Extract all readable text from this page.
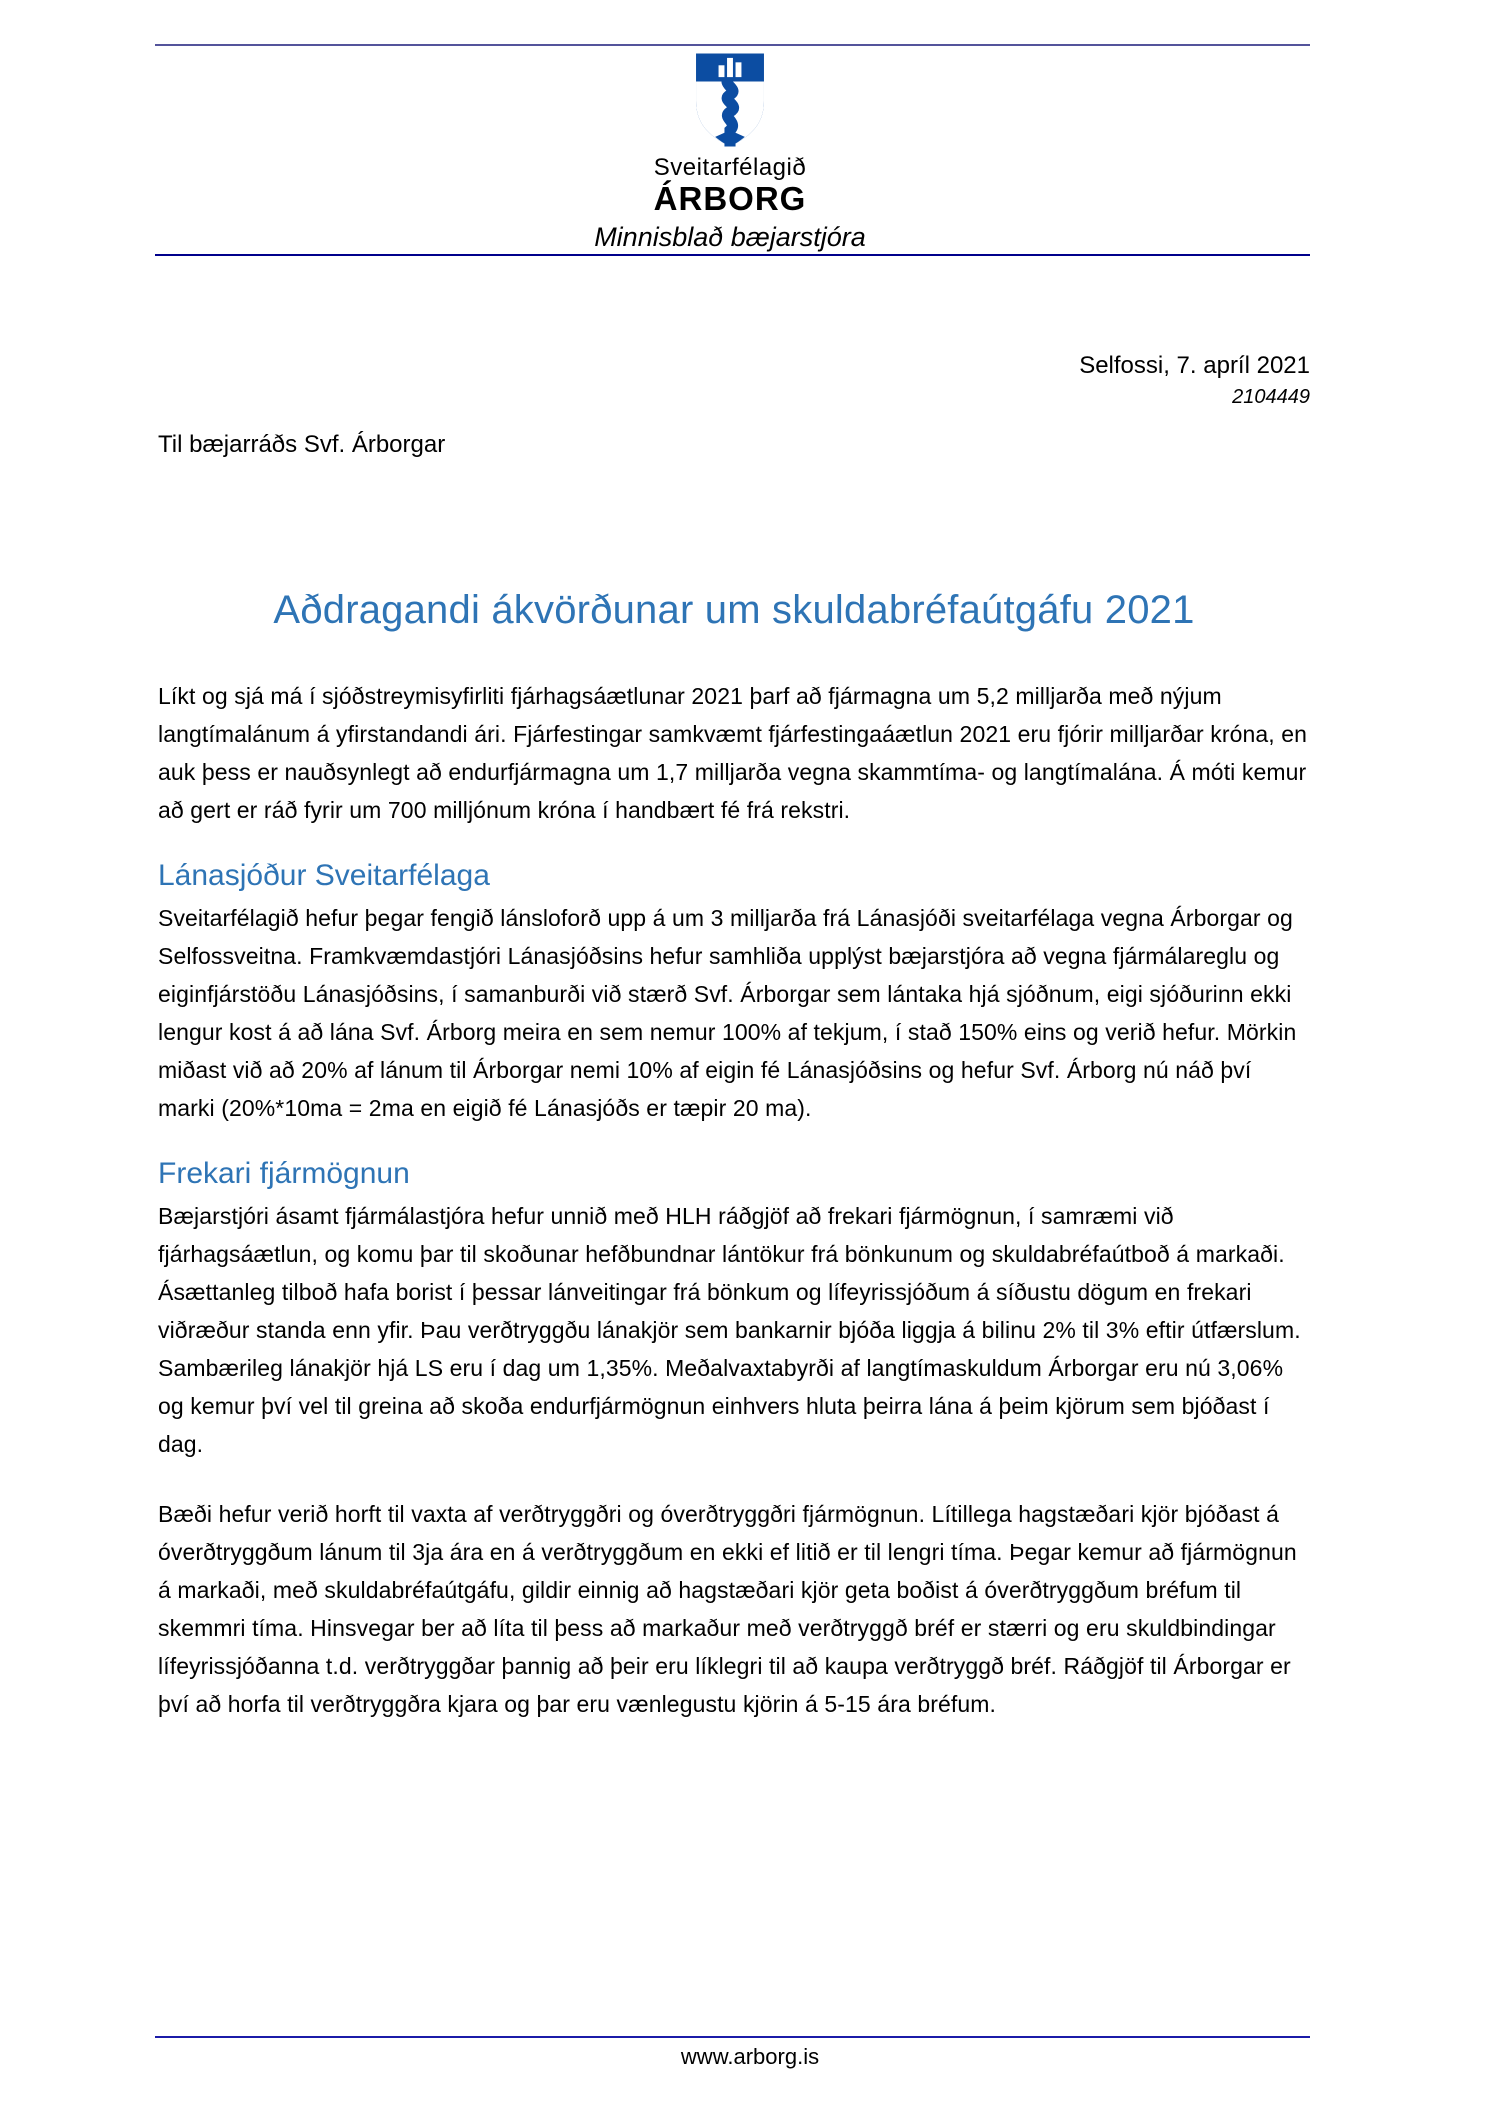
Sveitarfélagið
ÁRBORG
Minnisblað bæjarstjóra
Selfossi, 7. apríl 2021
2104449
Til bæjarráðs Svf. Árborgar
Aðdragandi ákvörðunar um skuldabréfaútgáfu 2021

Líkt og sjá má í sjóðstreymisyfirliti fjárhagsáætlunar 2021 þarf að fjármagna um 5,2 milljarða með nýjum langtímalánum á yfirstandandi ári. Fjárfestingar samkvæmt fjárfestingaáætlun 2021 eru fjórir milljarðar króna, en auk þess er nauðsynlegt að endurfjármagna um 1,7 milljarða vegna skammtíma- og langtímalána. Á móti kemur að gert er ráð fyrir um 700 milljónum króna í handbært fé frá rekstri.

Lánasjóður Sveitarfélaga

Sveitarfélagið hefur þegar fengið lánsloforð upp á um 3 milljarða frá Lánasjóði sveitarfélaga vegna Árborgar og Selfossveitna. Framkvæmdastjóri Lánasjóðsins hefur samhliða upplýst bæjarstjóra að vegna fjármálareglu og eiginfjárstöðu Lánasjóðsins, í samanburði við stærð Svf. Árborgar sem lántaka hjá sjóðnum, eigi sjóðurinn ekki lengur kost á að lána Svf. Árborg meira en sem nemur 100% af tekjum, í stað 150% eins og verið hefur. Mörkin miðast við að 20% af lánum til Árborgar nemi 10% af eigin fé Lánasjóðsins og hefur Svf. Árborg nú náð því marki (20%*10ma = 2ma en eigið fé Lánasjóðs er tæpir 20 ma).

Frekari fjármögnun

Bæjarstjóri ásamt fjármálastjóra hefur unnið með HLH ráðgjöf að frekari fjármögnun, í samræmi við fjárhagsáætlun, og komu þar til skoðunar hefðbundnar lántökur frá bönkunum og skuldabréfaútboð á markaði. Ásættanleg tilboð hafa borist í þessar lánveitingar frá bönkum og lífeyrissjóðum á síðustu dögum en frekari viðræður standa enn yfir. Þau verðtryggðu lánakjör sem bankarnir bjóða liggja á bilinu 2% til 3% eftir útfærslum. Sambærileg lánakjör hjá LS eru í dag um 1,35%. Meðalvaxtabyrði af langtímaskuldum Árborgar eru nú 3,06% og kemur því vel til greina að skoða endurfjármögnun einhvers hluta þeirra lána á þeim kjörum sem bjóðast í dag.

Bæði hefur verið horft til vaxta af verðtryggðri og óverðtryggðri fjármögnun. Lítillega hagstæðari kjör bjóðast á óverðtryggðum lánum til 3ja ára en á verðtryggðum en ekki ef litið er til lengri tíma. Þegar kemur að fjármögnun á markaði, með skuldabréfaútgáfu, gildir einnig að hagstæðari kjör geta boðist á óverðtryggðum bréfum til skemmri tíma. Hinsvegar ber að líta til þess að markaður með verðtryggð bréf er stærri og eru skuldbindingar lífeyrissjóðanna t.d. verðtryggðar þannig að þeir eru líklegri til að kaupa verðtryggð bréf. Ráðgjöf til Árborgar er því að horfa til verðtryggðra kjara og þar eru vænlegustu kjörin á 5-15 ára bréfum.

www.arborg.is
